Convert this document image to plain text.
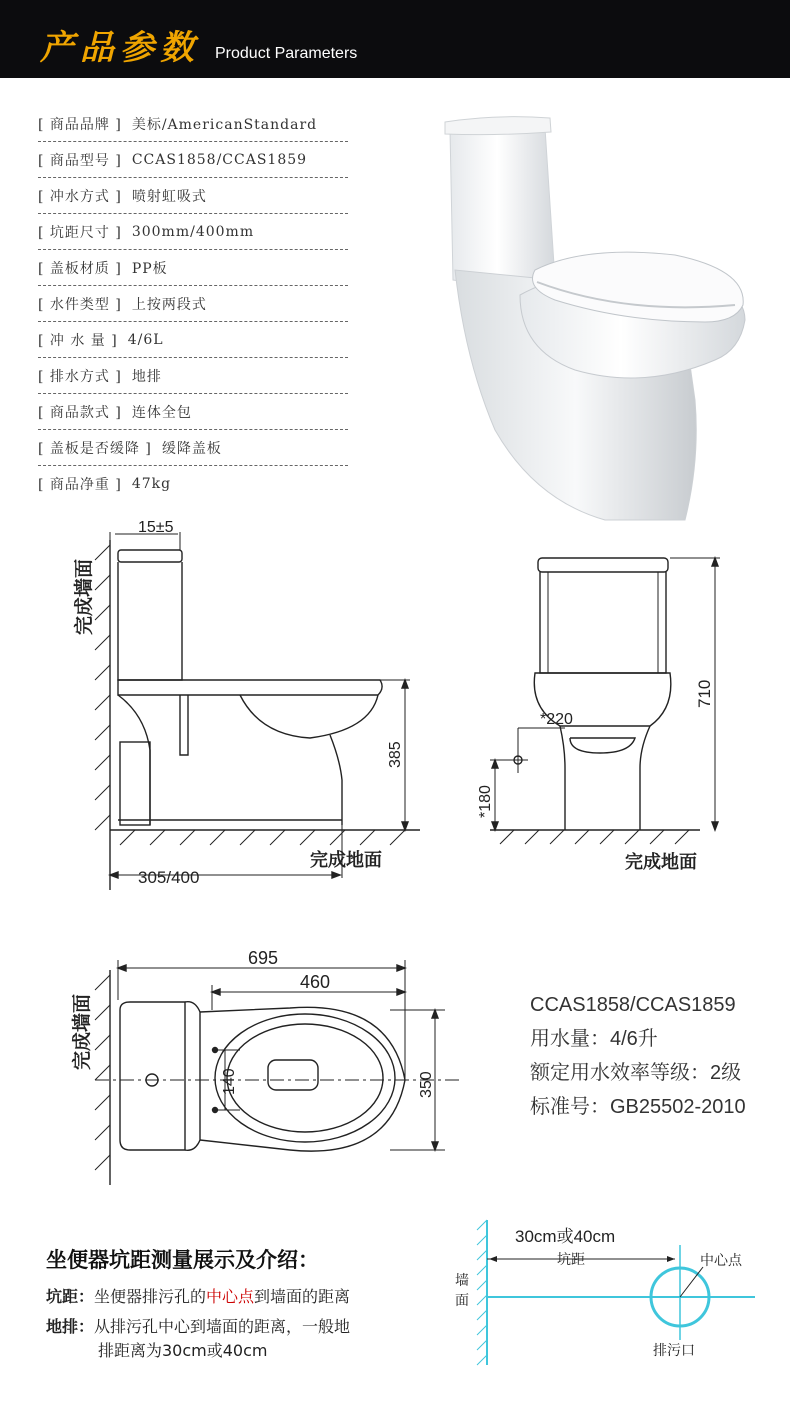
产品参数 Product Parameters
[ 商品品牌 ] 美标/AmericanStandard
[ 商品型号 ] CCAS1858/CCAS1859
[ 冲水方式 ] 喷射虹吸式
[ 坑距尺寸 ] 300mm/400mm
[ 盖板材质 ] PP板
[ 水件类型 ] 上按两段式
[ 冲 水 量 ] 4/6L
[ 排水方式 ] 地排
[ 商品款式 ] 连体全包
[ 盖板是否缓降 ] 缓降盖板
[ 商品净重 ] 47kg
完成墙面
15±5
385
305/400
完成地面
*220
710
*180
完成地面
完成墙面
695
460
140	350
CCAS1858/CCAS1859
用水量：4/6升
额定用水效率等级：2级
标准号：GB25502-2010
坐便器坑距测量展示及介绍：
坑距：坐便器排污孔的中心点到墙面的距离
地排：从排污孔中心到墙面的距离，一般地
排距离为30cm或40cm
30cm或40cm
坑距	中心点
墙
面
排污口
